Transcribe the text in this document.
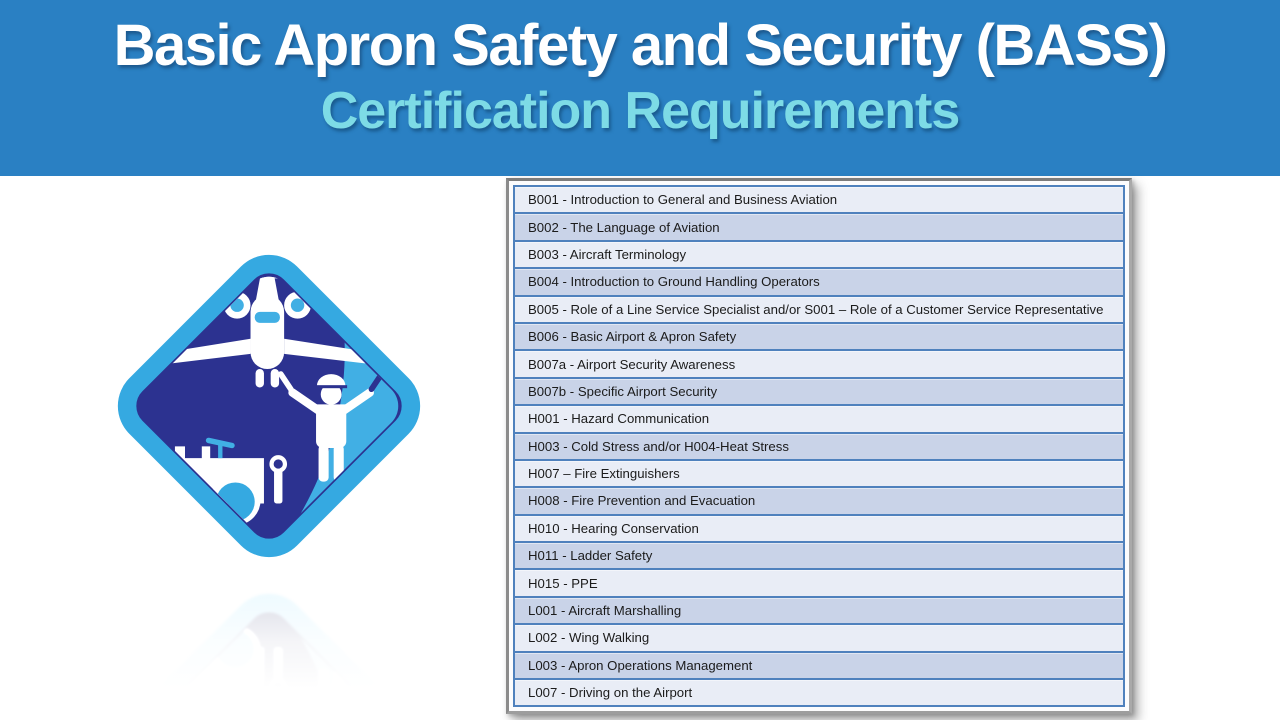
Basic Apron Safety and Security (BASS)
Certification Requirements
B001 - Introduction to General and Business Aviation
B002 - The Language of Aviation
B003 - Aircraft Terminology
B004 - Introduction to Ground Handling Operators
B005 - Role of a Line Service Specialist and/or S001 – Role of a Customer Service Representative
B006 - Basic Airport & Apron Safety
B007a - Airport Security Awareness
B007b - Specific Airport Security
H001 - Hazard Communication
H003 - Cold Stress and/or H004-Heat Stress
H007 – Fire Extinguishers
H008 - Fire Prevention and Evacuation
H010 - Hearing Conservation
H011 - Ladder Safety
H015 - PPE
L001 - Aircraft Marshalling
L002 - Wing Walking
L003 - Apron Operations Management
L007 - Driving on the Airport
